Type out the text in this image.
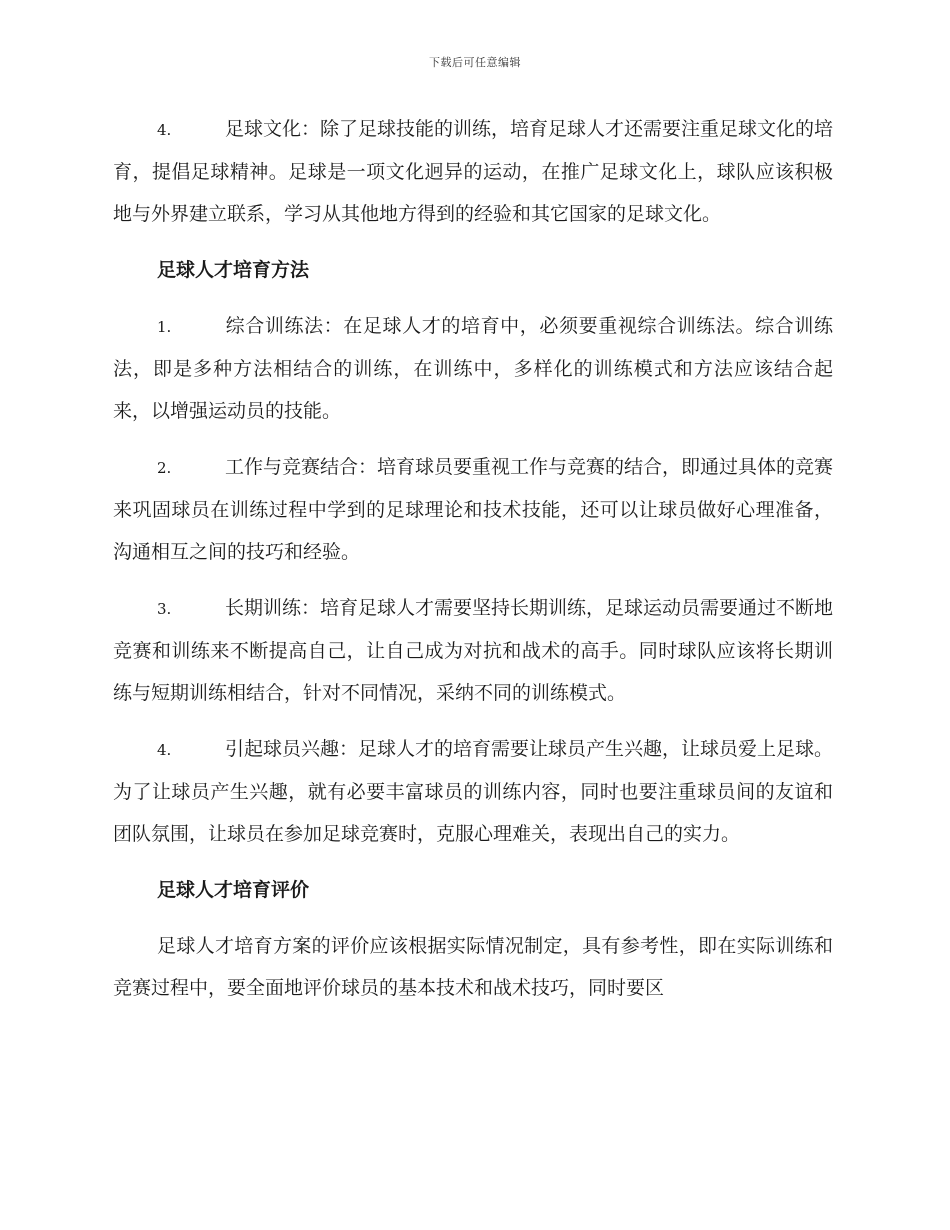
下载后可任意编辑

4.	足球文化：除了足球技能的训练，培育足球人才还需要注重足球文化的培育，提倡足球精神。足球是一项文化迥异的运动，在推广足球文化上，球队应该积极地与外界建立联系，学习从其他地方得到的经验和其它国家的足球文化。

足球人才培育方法

1.	综合训练法：在足球人才的培育中，必须要重视综合训练法。综合训练法，即是多种方法相结合的训练，在训练中，多样化的训练模式和方法应该结合起来，以增强运动员的技能。

2.	工作与竞赛结合：培育球员要重视工作与竞赛的结合，即通过具体的竞赛来巩固球员在训练过程中学到的足球理论和技术技能，还可以让球员做好心理准备，沟通相互之间的技巧和经验。

3.	长期训练：培育足球人才需要坚持长期训练，足球运动员需要通过不断地竞赛和训练来不断提高自己，让自己成为对抗和战术的高手。同时球队应该将长期训练与短期训练相结合，针对不同情况，采纳不同的训练模式。

4.	引起球员兴趣：足球人才的培育需要让球员产生兴趣，让球员爱上足球。为了让球员产生兴趣，就有必要丰富球员的训练内容，同时也要注重球员间的友谊和团队氛围，让球员在参加足球竞赛时，克服心理难关，表现出自己的实力。

足球人才培育评价

足球人才培育方案的评价应该根据实际情况制定，具有参考性，即在实际训练和竞赛过程中，要全面地评价球员的基本技术和战术技巧，同时要区
